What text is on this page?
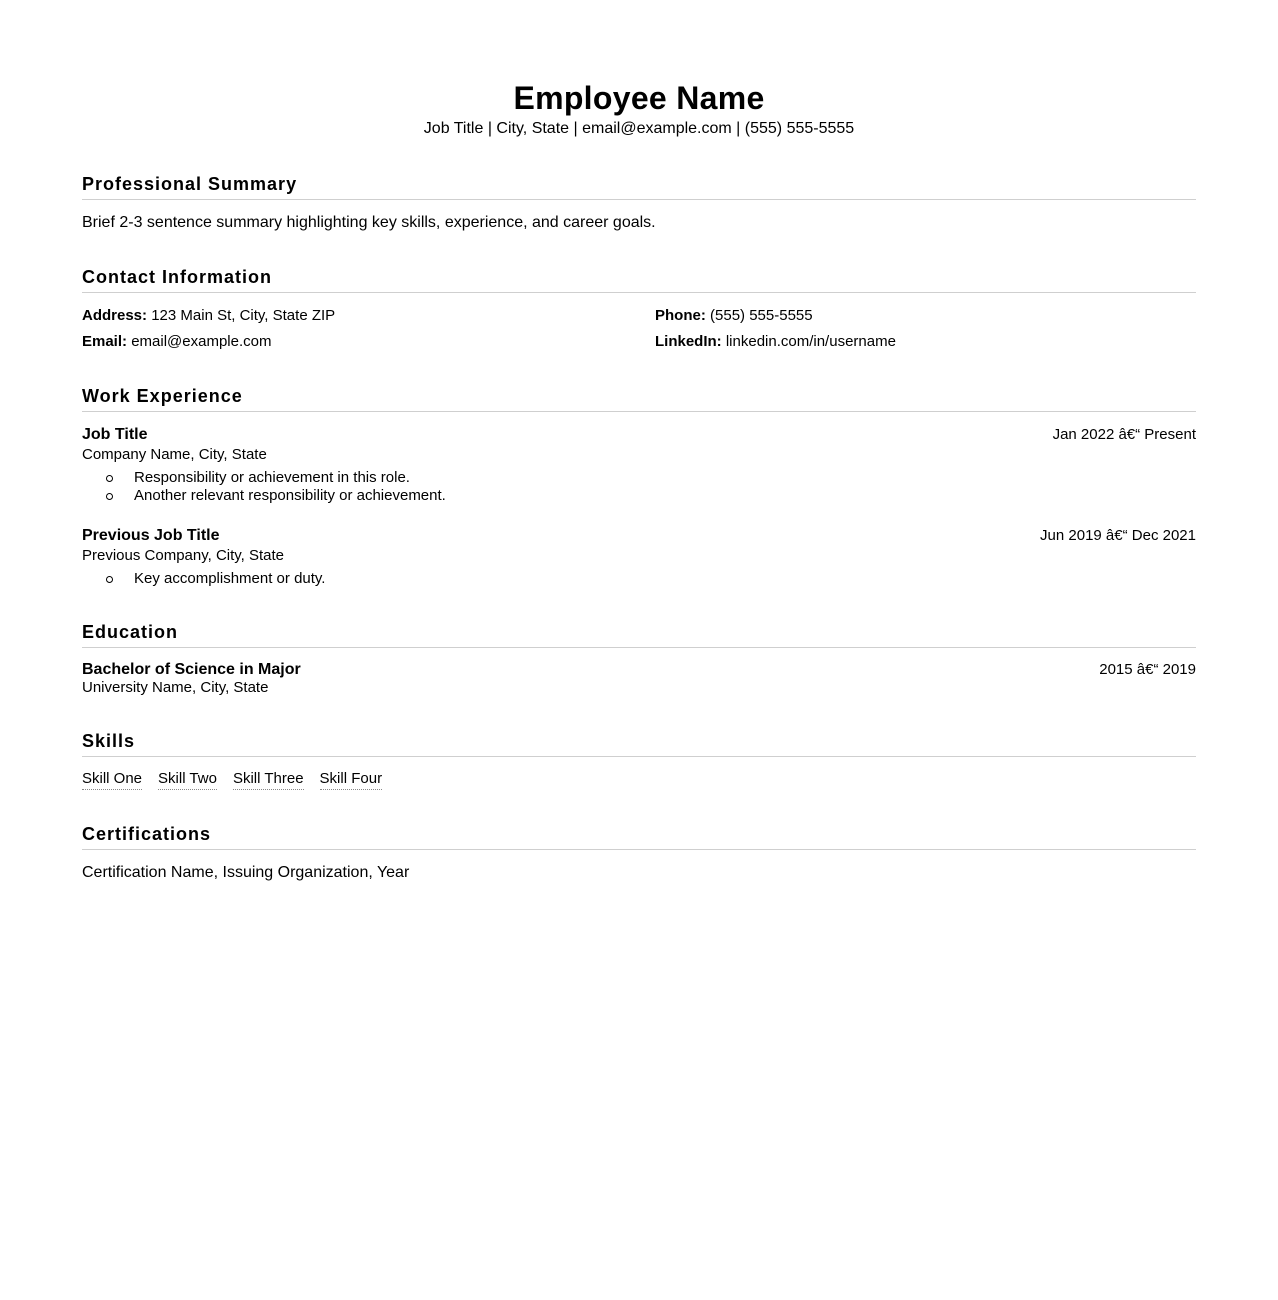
Employee Name
Job Title | City, State | email@example.com | (555) 555-5555
Professional Summary
Brief 2-3 sentence summary highlighting key skills, experience, and career goals.
Contact Information
Address: 123 Main St, City, State ZIP	Phone: (555) 555-5555
Email: email@example.com	LinkedIn: linkedin.com/in/username
Work Experience
Job Title	Jan 2022 â€“ Present
Company Name, City, State
Responsibility or achievement in this role.
Another relevant responsibility or achievement.
Previous Job Title	Jun 2019 â€“ Dec 2021
Previous Company, City, State
Key accomplishment or duty.
Education
Bachelor of Science in Major	2015 â€“ 2019
University Name, City, State
Skills
Skill One Skill Two Skill Three Skill Four
Certifications
Certification Name, Issuing Organization, Year
